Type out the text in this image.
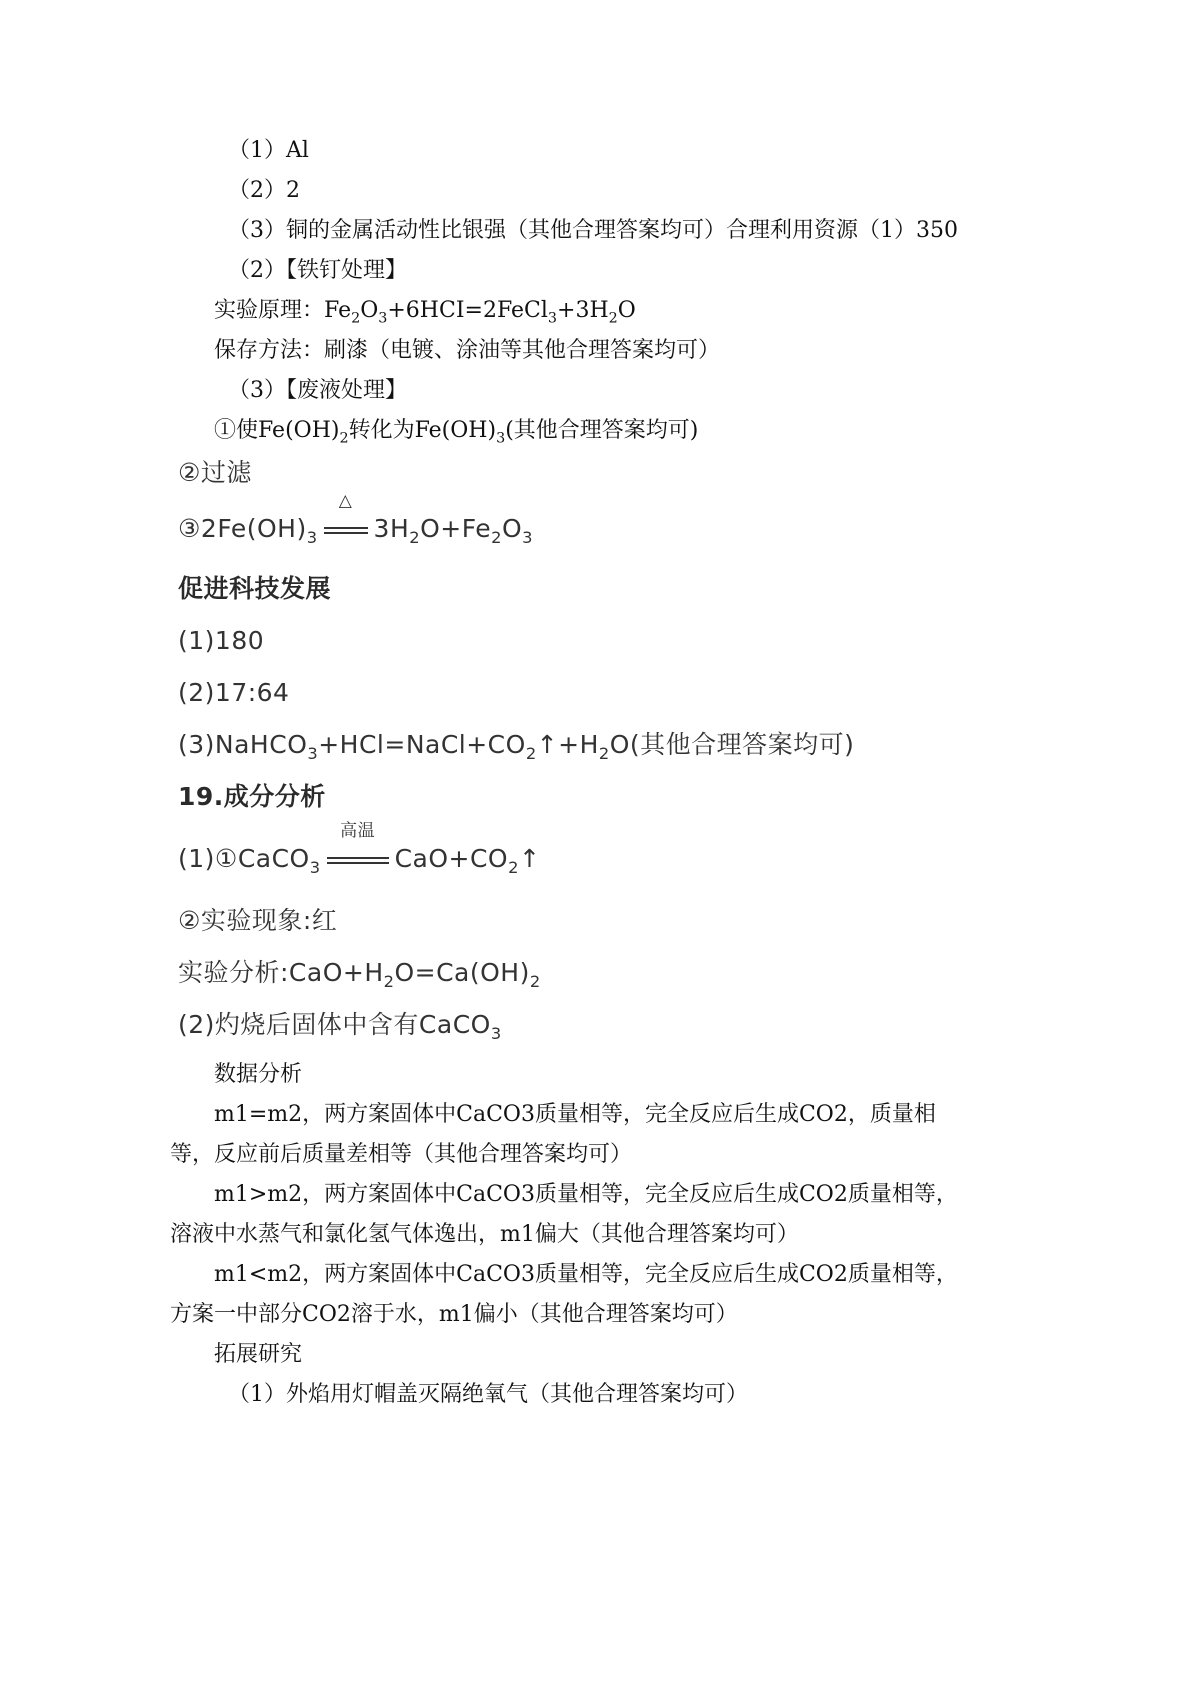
（1）Al
（2）2
（3）铜的金属活动性比银强（其他合理答案均可）合理利用资源（1）350
（2）【铁钉处理】
实验原理：$Fe_2O_3+6HCI=2FeCl_3+3H_2O$
保存方法：刷漆（电镀、涂油等其他合理答案均可）
（3）【废液处理】
①使$Fe(OH)_2$转化为$Fe(OH)_3$(其他合理答案均可)
②过滤
$③2Fe(OH)_3$
△
$3H_2O+Fe_2O_3$
促进科技发展
(1)180
(2)17:64
$(3)NaHCO_3+HCl=NaCl+CO_2↑+H_2O$(其他合理答案均可)
19.成分分析
(1)①CaCO$_3$
高温
$CaO+CO_2↑$
②实验现象:红
实验分析$:CaO+H_2O=Ca(OH)_2$
(2)灼烧后固体中含有CaCO$_3$
数据分析
m1=m2，两方案固体中CaCO3质量相等，完全反应后生成CO2，质量相
等，反应前后质量差相等（其他合理答案均可）
m1>m2，两方案固体中CaCO3质量相等，完全反应后生成CO2质量相等，
溶液中水蒸气和氯化氢气体逸出，m1偏大（其他合理答案均可）
m1<m2，两方案固体中CaCO3质量相等，完全反应后生成CO2质量相等，
方案一中部分CO2溶于水，m1偏小（其他合理答案均可）
拓展研究
（1）外焰用灯帽盖灭隔绝氧气（其他合理答案均可）
